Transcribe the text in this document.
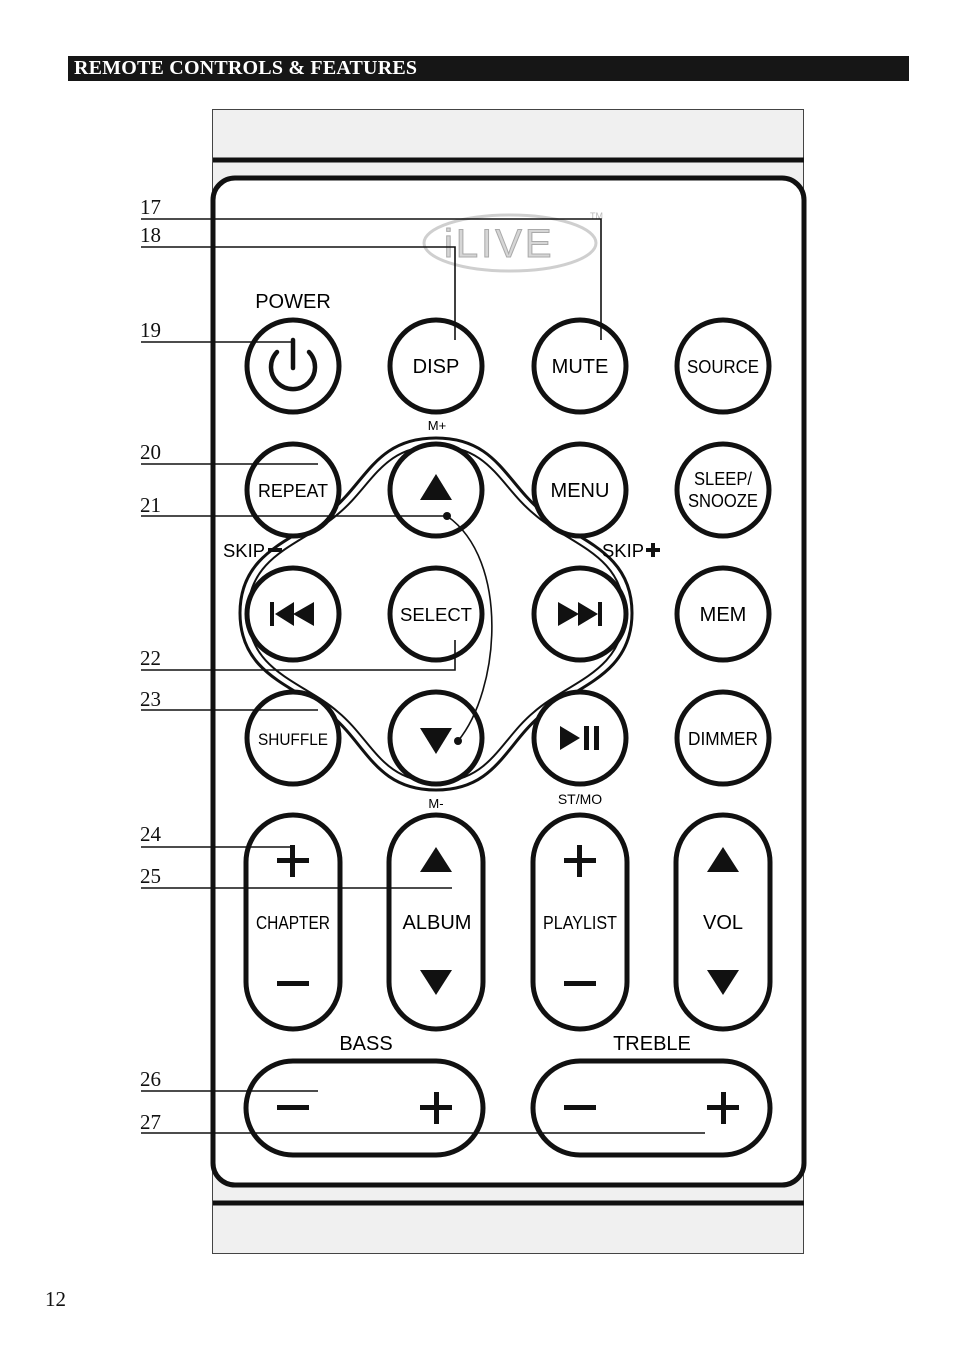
REMOTE CONTROLS & FEATURES
iLIVE
TM
POWER
DISP	MUTE	SOURCE
M+
REPEAT	MENU
SLEEP/
SNOOZE
SKIP	SKIP
SELECT	MEM
SHUFFLE	DIMMER
M-	ST/MO
CHAPTER	ALBUM	PLAYLIST	VOL
BASS	TREBLE
17
18
19
20
21
22
23
24
25
26
27
12
